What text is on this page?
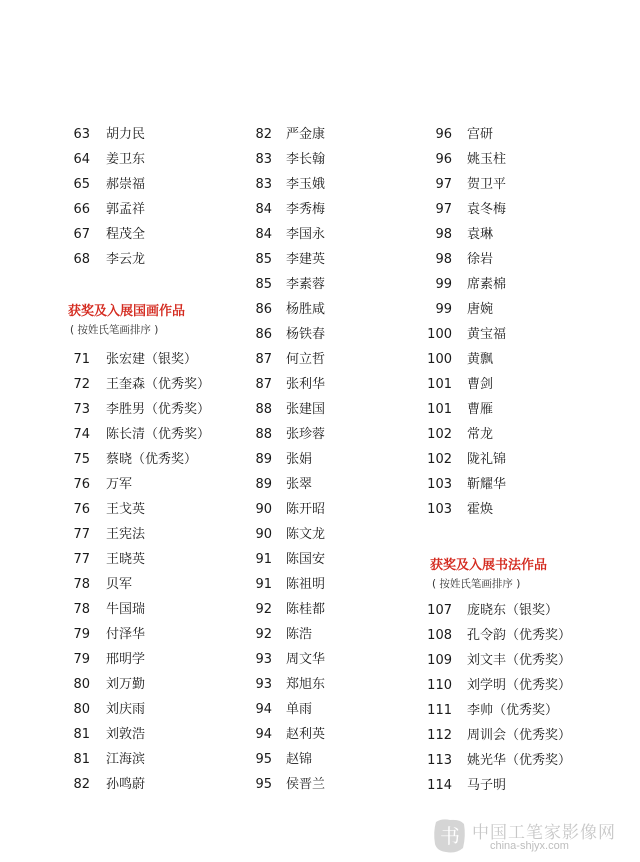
63 胡力民
64 姜卫东
65 郝崇福
66 郭孟祥
67 程茂全
68 李云龙
获奖及入展国画作品
( 按姓氏笔画排序 )
71 张宏建（银奖）
72 王奎森（优秀奖）
73 李胜男（优秀奖）
74 陈长清（优秀奖）
75 蔡晓（优秀奖）
76 万军
76 王戈英
77 王宪法
77 王晓英
78 贝军
78 牛国瑞
79 付泽华
79 邢明学
80 刘万勤
80 刘庆雨
81 刘敦浩
81 江海滨
82 孙鸣蔚
82 严金康
83 李长翰
83 李玉娥
84 李秀梅
84 李国永
85 李建英
85 李素蓉
86 杨胜咸
86 杨铁春
87 何立哲
87 张利华
88 张建国
88 张珍蓉
89 张娟
89 张翠
90 陈开昭
90 陈文龙
91 陈国安
91 陈祖明
92 陈桂都
92 陈浩
93 周文华
93 郑旭东
94 单雨
94 赵利英
95 赵锦
95 侯晋兰
96 宫研
96 姚玉柱
97 贺卫平
97 袁冬梅
98 袁琳
98 徐岩
99 席素棉
99 唐婉
100 黄宝福
100 黄飘
101 曹剑
101 曹雁
102 常龙
102 陇礼锦
103 靳耀华
103 霍焕
获奖及入展书法作品
( 按姓氏笔画排序 )
107 庞晓东（银奖）
108 孔令韵（优秀奖）
109 刘文丰（优秀奖）
110 刘学明（优秀奖）
111 李帅（优秀奖）
112 周训会（优秀奖）
113 姚光华（优秀奖）
114 马子明
书 中国工笔家影像网
china-shjyx.com
